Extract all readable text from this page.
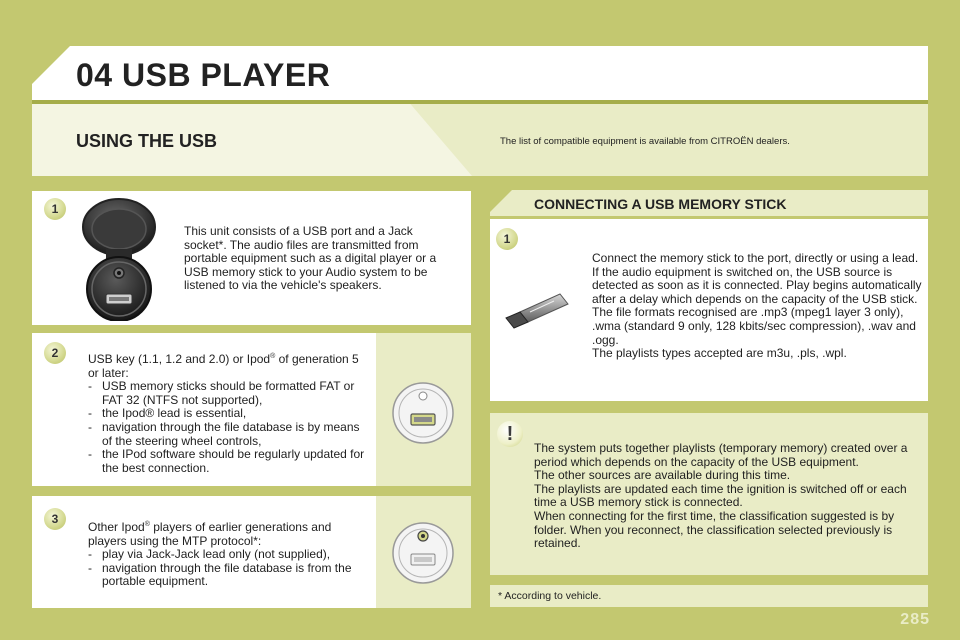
04 USB PLAYER
USING THE USB	The list of compatible equipment is available from CITROËN dealers.
1
This unit consists of a USB port and a Jack socket*. The audio files are transmitted from portable equipment such as a digital player or a USB memory stick to your Audio system to be listened to via the vehicle's speakers.
2	USB key (1.1, 1.2 and 2.0) or Ipod® of generation 5 or later:
- USB memory sticks should be formatted FAT or FAT 32 (NTFS not supported),
- the Ipod® lead is essential,
- navigation through the file database is by means of the steering wheel controls,
- the IPod software should be regularly updated for the best connection.
3
Other Ipod® players of earlier generations and players using the MTP protocol*:
- play via Jack-Jack lead only (not supplied),
- navigation through the file database is from the portable equipment.
CONNECTING A USB MEMORY STICK
1
Connect the memory stick to the port, directly or using a lead. If the audio equipment is switched on, the USB source is detected as soon as it is connected. Play begins automatically after a delay which depends on the capacity of the USB stick.
The file formats recognised are .mp3 (mpeg1 layer 3 only), .wma (standard 9 only, 128 kbits/sec compression), .wav and .ogg.
The playlists types accepted are m3u, .pls, .wpl.
!
The system puts together playlists (temporary memory) created over a period which depends on the capacity of the USB equipment.
The other sources are available during this time.
The playlists are updated each time the ignition is switched off or each time a USB memory stick is connected.
When connecting for the first time, the classification suggested is by folder. When you reconnect, the classification selected previously is retained.
* According to vehicle.
285
